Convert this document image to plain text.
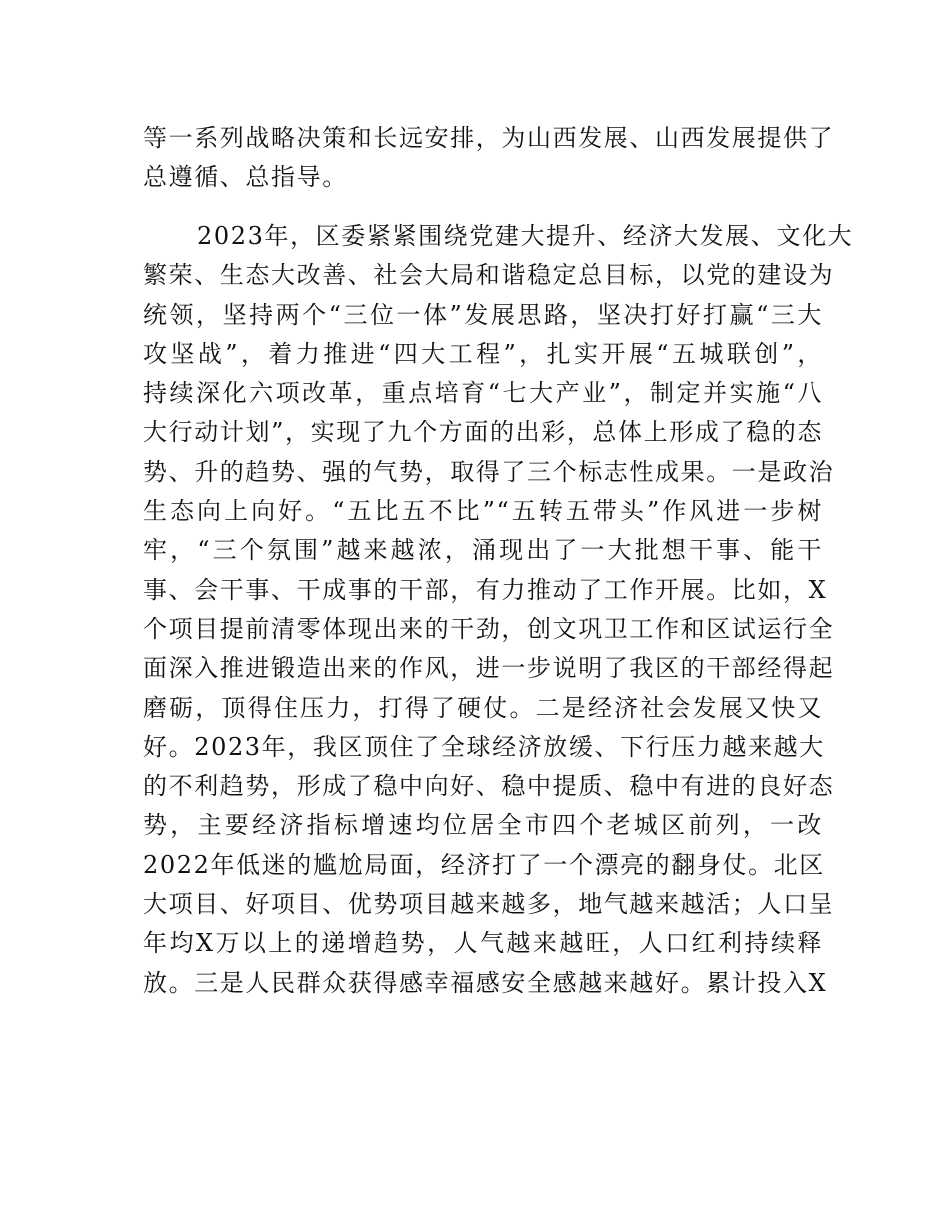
等一系列战略决策和长远安排，为山西发展、山西发展提供了
总遵循、总指导。
2023年，区委紧紧围绕党建大提升、经济大发展、文化大
繁荣、生态大改善、社会大局和谐稳定总目标，以党的建设为
统领，坚持两个“三位一体”发展思路，坚决打好打赢“三大
攻坚战”，着力推进“四大工程”，扎实开展“五城联创”，
持续深化六项改革，重点培育“七大产业”，制定并实施“八
大行动计划”，实现了九个方面的出彩，总体上形成了稳的态
势、升的趋势、强的气势，取得了三个标志性成果。一是政治
生态向上向好。“五比五不比”“五转五带头”作风进一步树
牢，“三个氛围”越来越浓，涌现出了一大批想干事、能干
事、会干事、干成事的干部，有力推动了工作开展。比如，X
个项目提前清零体现出来的干劲，创文巩卫工作和区试运行全
面深入推进锻造出来的作风，进一步说明了我区的干部经得起
磨砺，顶得住压力，打得了硬仗。二是经济社会发展又快又
好。2023年，我区顶住了全球经济放缓、下行压力越来越大
的不利趋势，形成了稳中向好、稳中提质、稳中有进的良好态
势，主要经济指标增速均位居全市四个老城区前列，一改
2022年低迷的尴尬局面，经济打了一个漂亮的翻身仗。北区
大项目、好项目、优势项目越来越多，地气越来越活；人口呈
年均X万以上的递增趋势，人气越来越旺，人口红利持续释
放。三是人民群众获得感幸福感安全感越来越好。累计投入X
